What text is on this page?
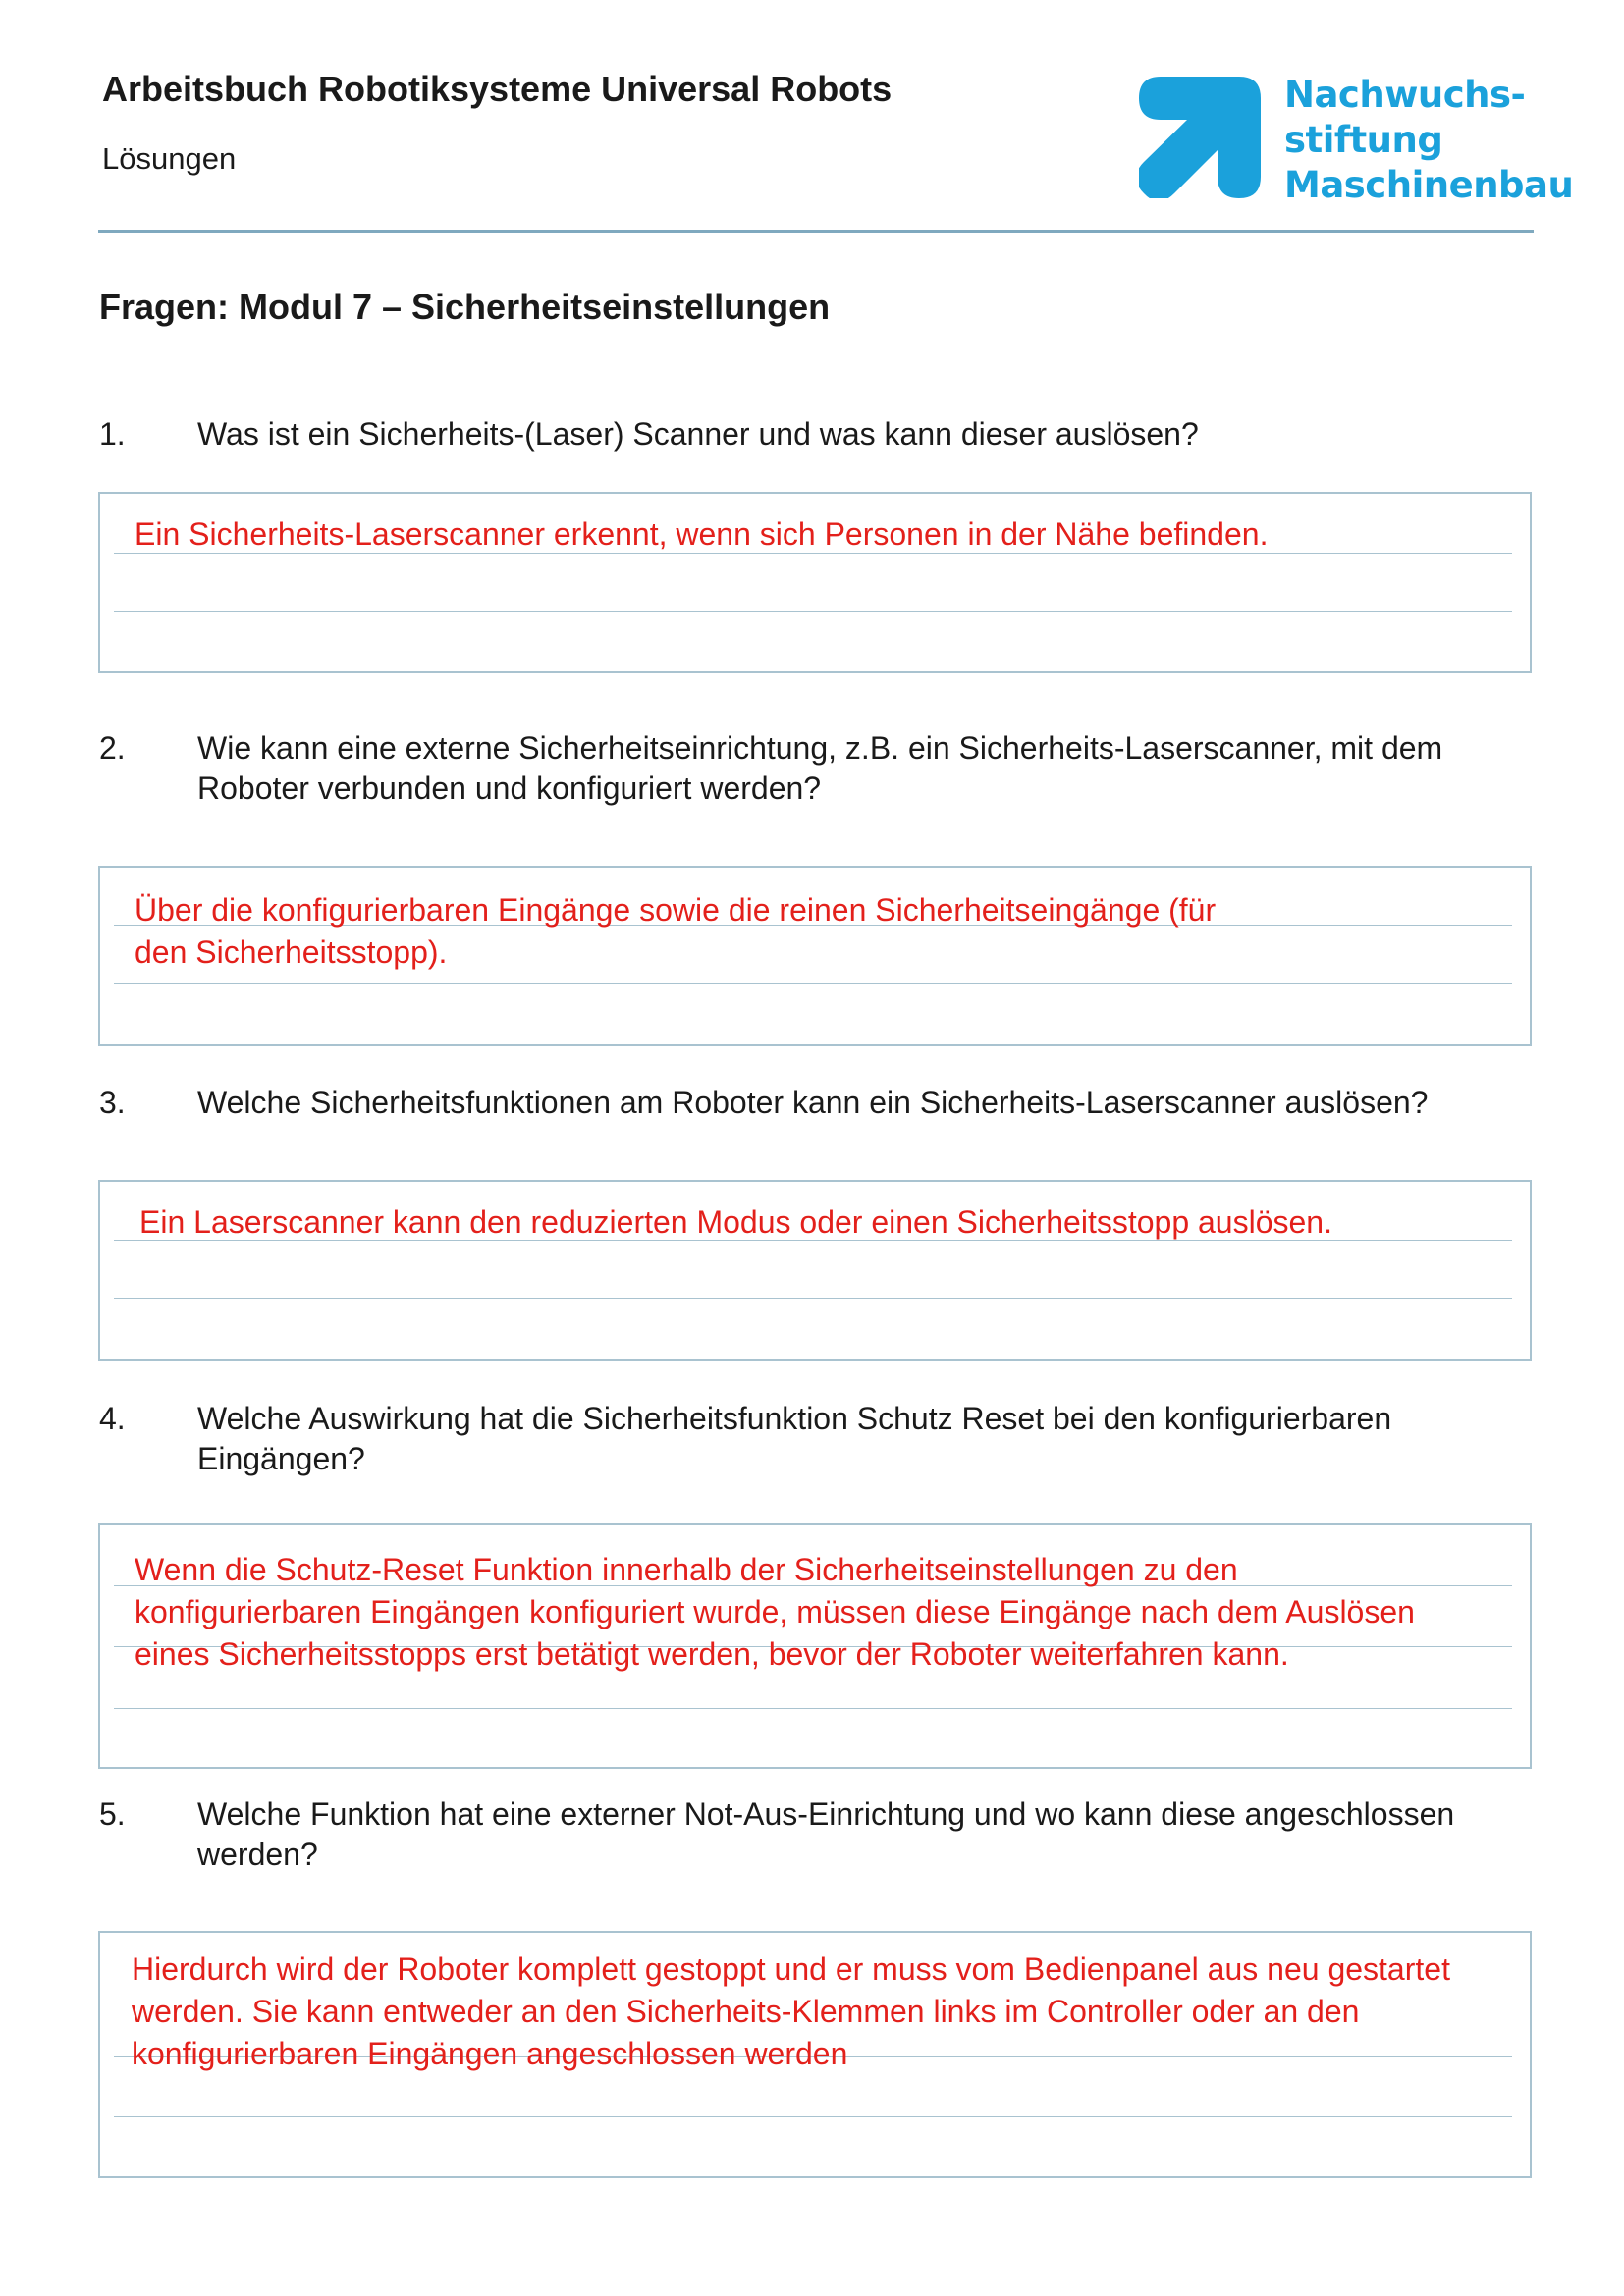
Arbeitsbuch Robotiksysteme Universal Robots
Lösungen
Nachwuchs-
stiftung
Maschinenbau
Fragen: Modul 7 – Sicherheitseinstellungen
1. Was ist ein Sicherheits-(Laser) Scanner und was kann dieser auslösen?
Ein Sicherheits-Laserscanner erkennt, wenn sich Personen in der Nähe befinden.
2. Wie kann eine externe Sicherheitseinrichtung, z.B. ein Sicherheits-Laserscanner, mit dem Roboter verbunden und konfiguriert werden?
Über die konfigurierbaren Eingänge sowie die reinen Sicherheitseingänge (für den Sicherheitsstopp).
3. Welche Sicherheitsfunktionen am Roboter kann ein Sicherheits-Laserscanner auslösen?
Ein Laserscanner kann den reduzierten Modus oder einen Sicherheitsstopp auslösen.
4. Welche Auswirkung hat die Sicherheitsfunktion Schutz Reset bei den konfigurierbaren Eingängen?
Wenn die Schutz-Reset Funktion innerhalb der Sicherheitseinstellungen zu den konfigurierbaren Eingängen konfiguriert wurde, müssen diese Eingänge nach dem Auslösen eines Sicherheitsstopps erst betätigt werden, bevor der Roboter weiterfahren kann.
5. Welche Funktion hat eine externer Not-Aus-Einrichtung und wo kann diese angeschlossen werden?
Hierdurch wird der Roboter komplett gestoppt und er muss vom Bedienpanel aus neu gestartet werden. Sie kann entweder an den Sicherheits-Klemmen links im Controller oder an den konfigurierbaren Eingängen angeschlossen werden
